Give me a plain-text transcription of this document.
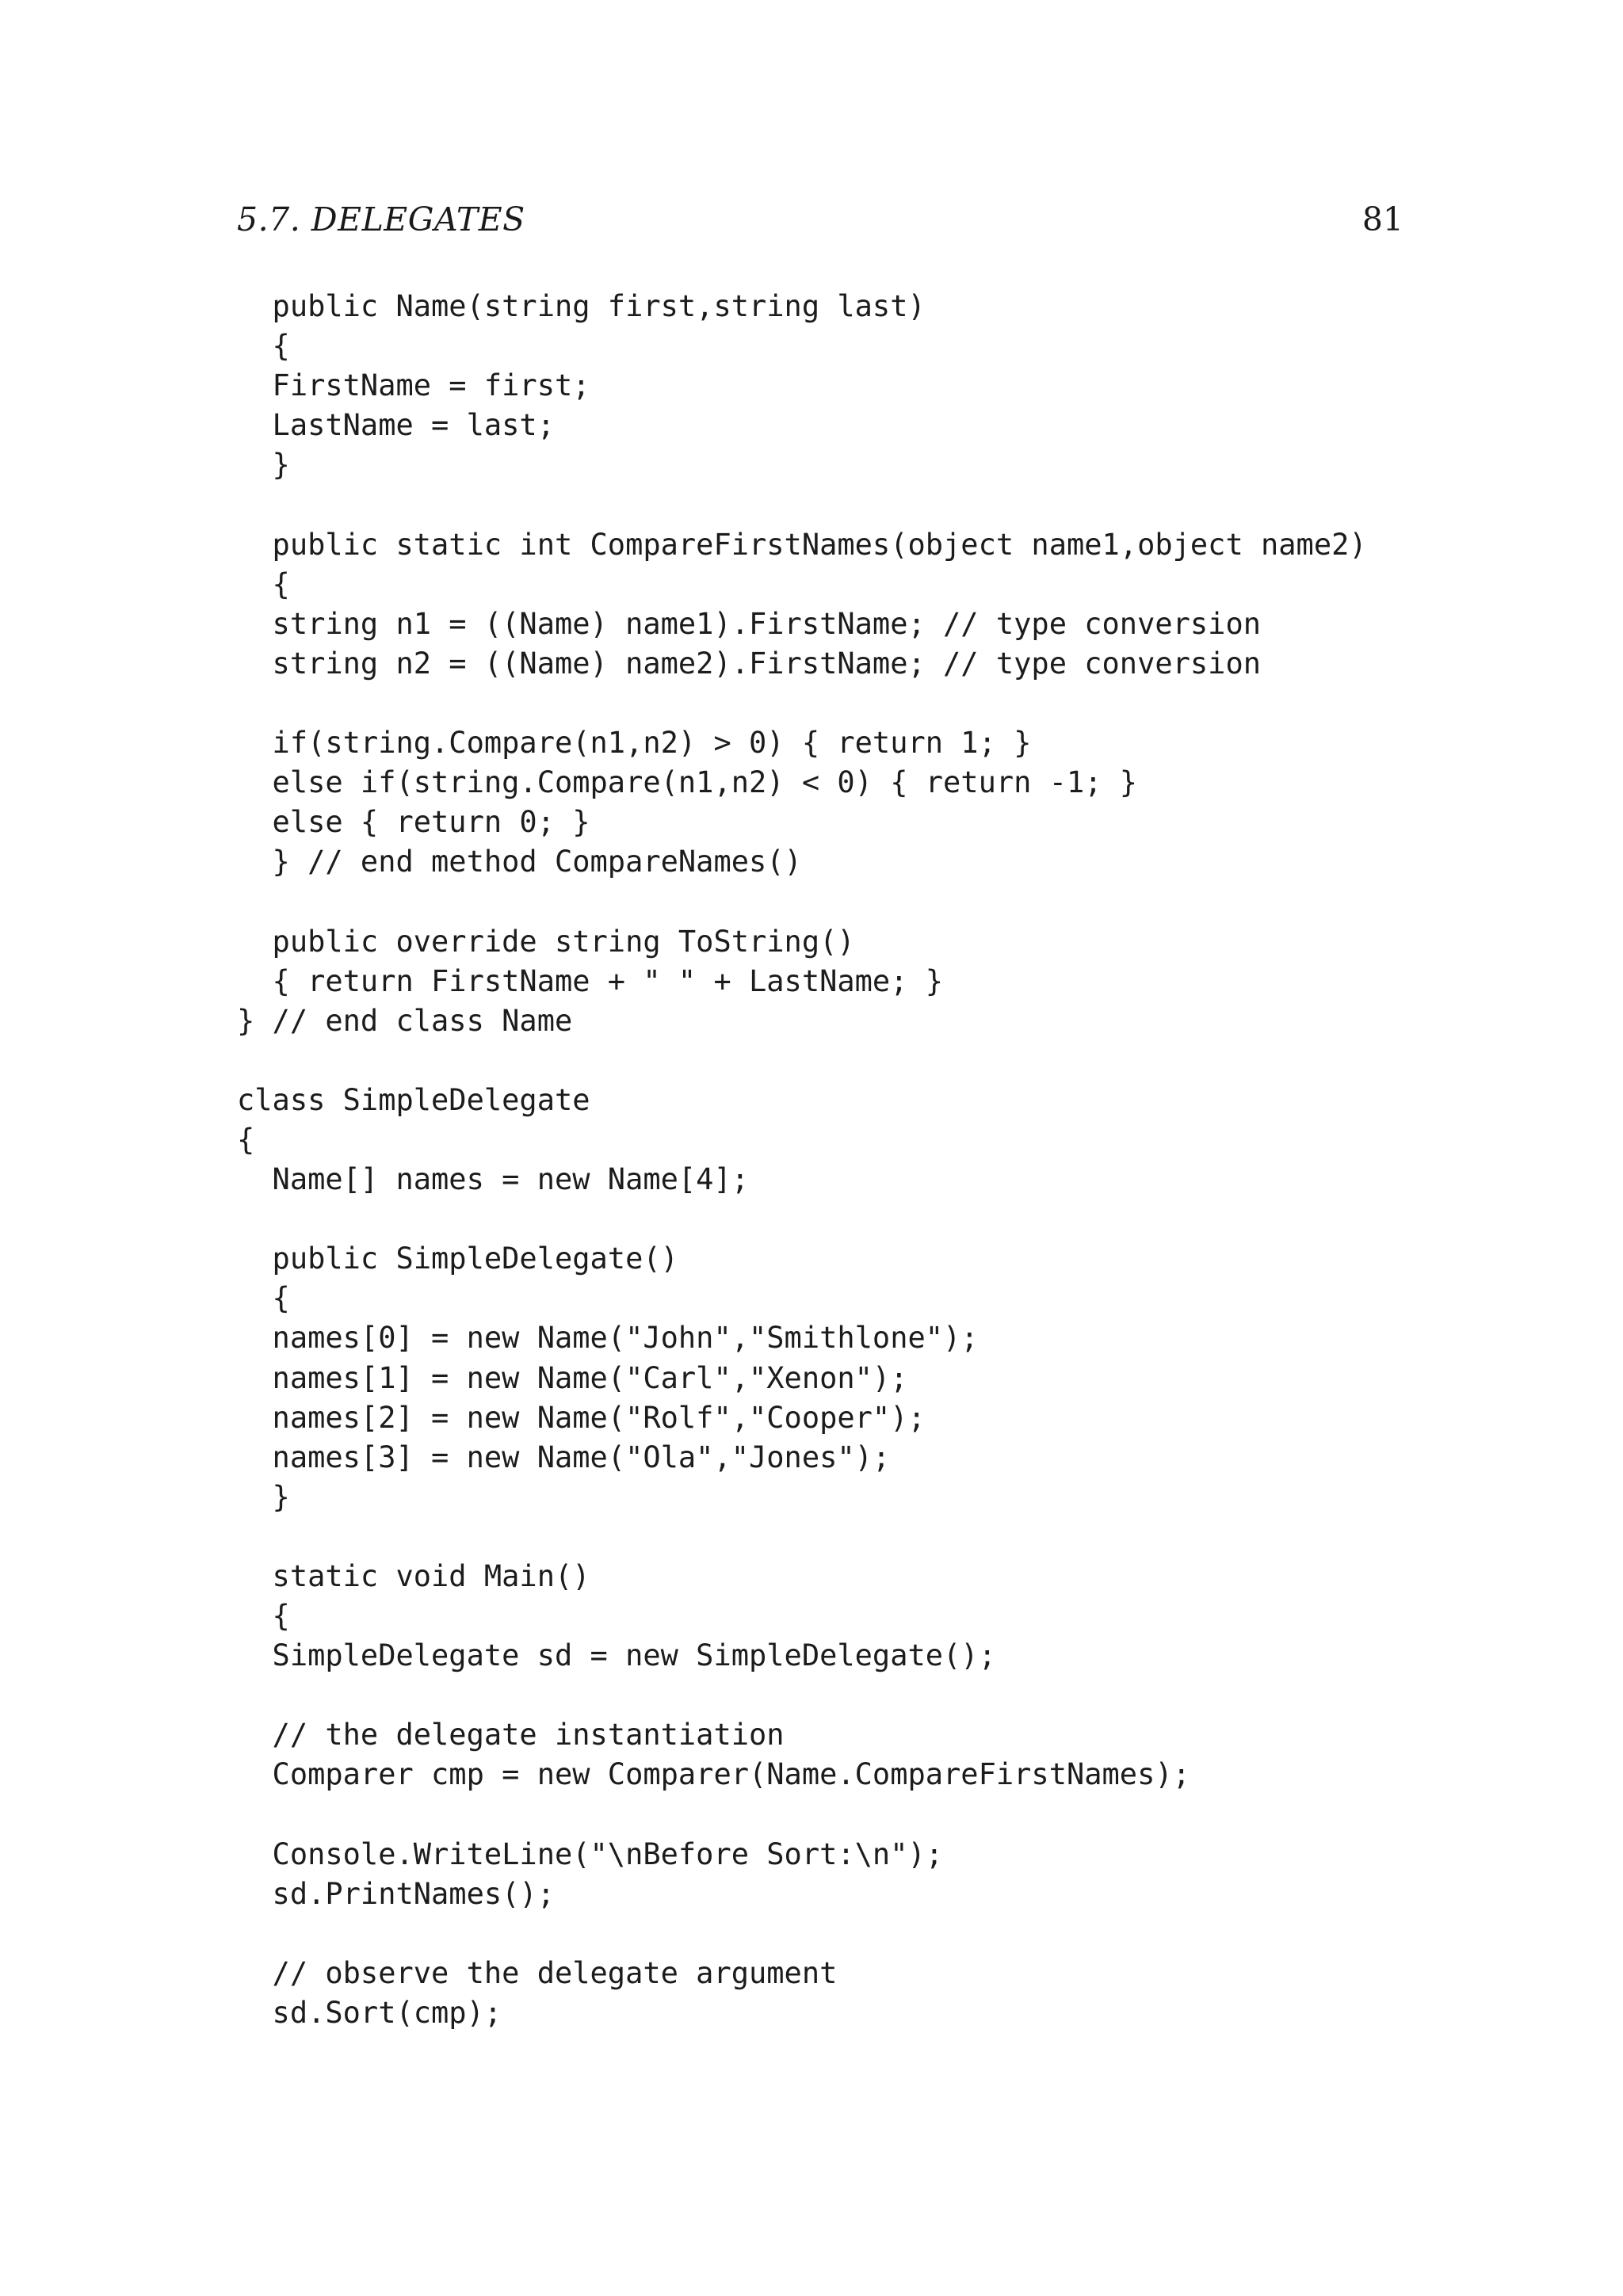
5.7. DELEGATES	81
public Name(string first,string last)
{
FirstName = first;
LastName = last;
}
public static int CompareFirstNames(object name1,object name2)
{
string n1 = ((Name) name1).FirstName; // type conversion
string n2 = ((Name) name2).FirstName; // type conversion
if(string.Compare(n1,n2) > 0) { return 1; }
else if(string.Compare(n1,n2) < 0) { return -1; }
else { return 0; }
} // end method CompareNames()
public override string ToString()
{ return FirstName + " " + LastName; }
} // end class Name
class SimpleDelegate
{
Name[] names = new Name[4];
public SimpleDelegate()
{
names[0] = new Name("John","Smithlone");
names[1] = new Name("Carl","Xenon");
names[2] = new Name("Rolf","Cooper");
names[3] = new Name("Ola","Jones");
}
static void Main()
{
SimpleDelegate sd = new SimpleDelegate();
// the delegate instantiation
Comparer cmp = new Comparer(Name.CompareFirstNames);
Console.WriteLine("\nBefore Sort:\n");
sd.PrintNames();
// observe the delegate argument
sd.Sort(cmp);
